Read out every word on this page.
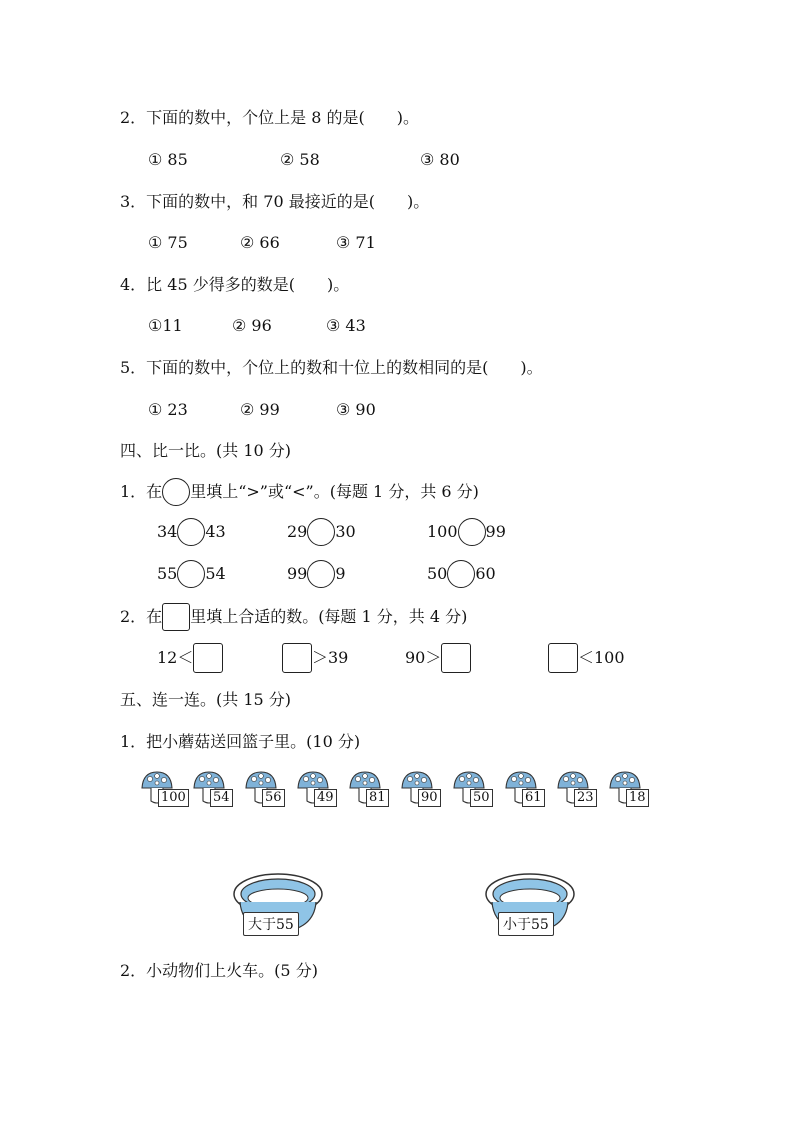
2．下面的数中，个位上是 8 的是(　　)。
① 85	② 58	③ 80
3．下面的数中，和 70 最接近的是(　　)。
① 75	② 66	③ 71
4．比 45 少得多的数是(　　)。
①11	② 96	③ 43
5．下面的数中，个位上的数和十位上的数相同的是(　　)。
① 23	② 99	③ 90
四、比一比。(共 10 分)
1．在 里填上“>”或“<”。(每题 1 分，共 6 分)
34 43	29 30	100 99
55 54	99 9	50 60
2．在 里填上合适的数。(每题 1 分，共 4 分)
12＜	＞39	90＞	＜100
五、连一连。(共 15 分)
1．把小蘑菇送回篮子里。(10 分)
100 54	56	49	81	90	50	61	23	18
大于55	小于55
2．小动物们上火车。(5 分)
